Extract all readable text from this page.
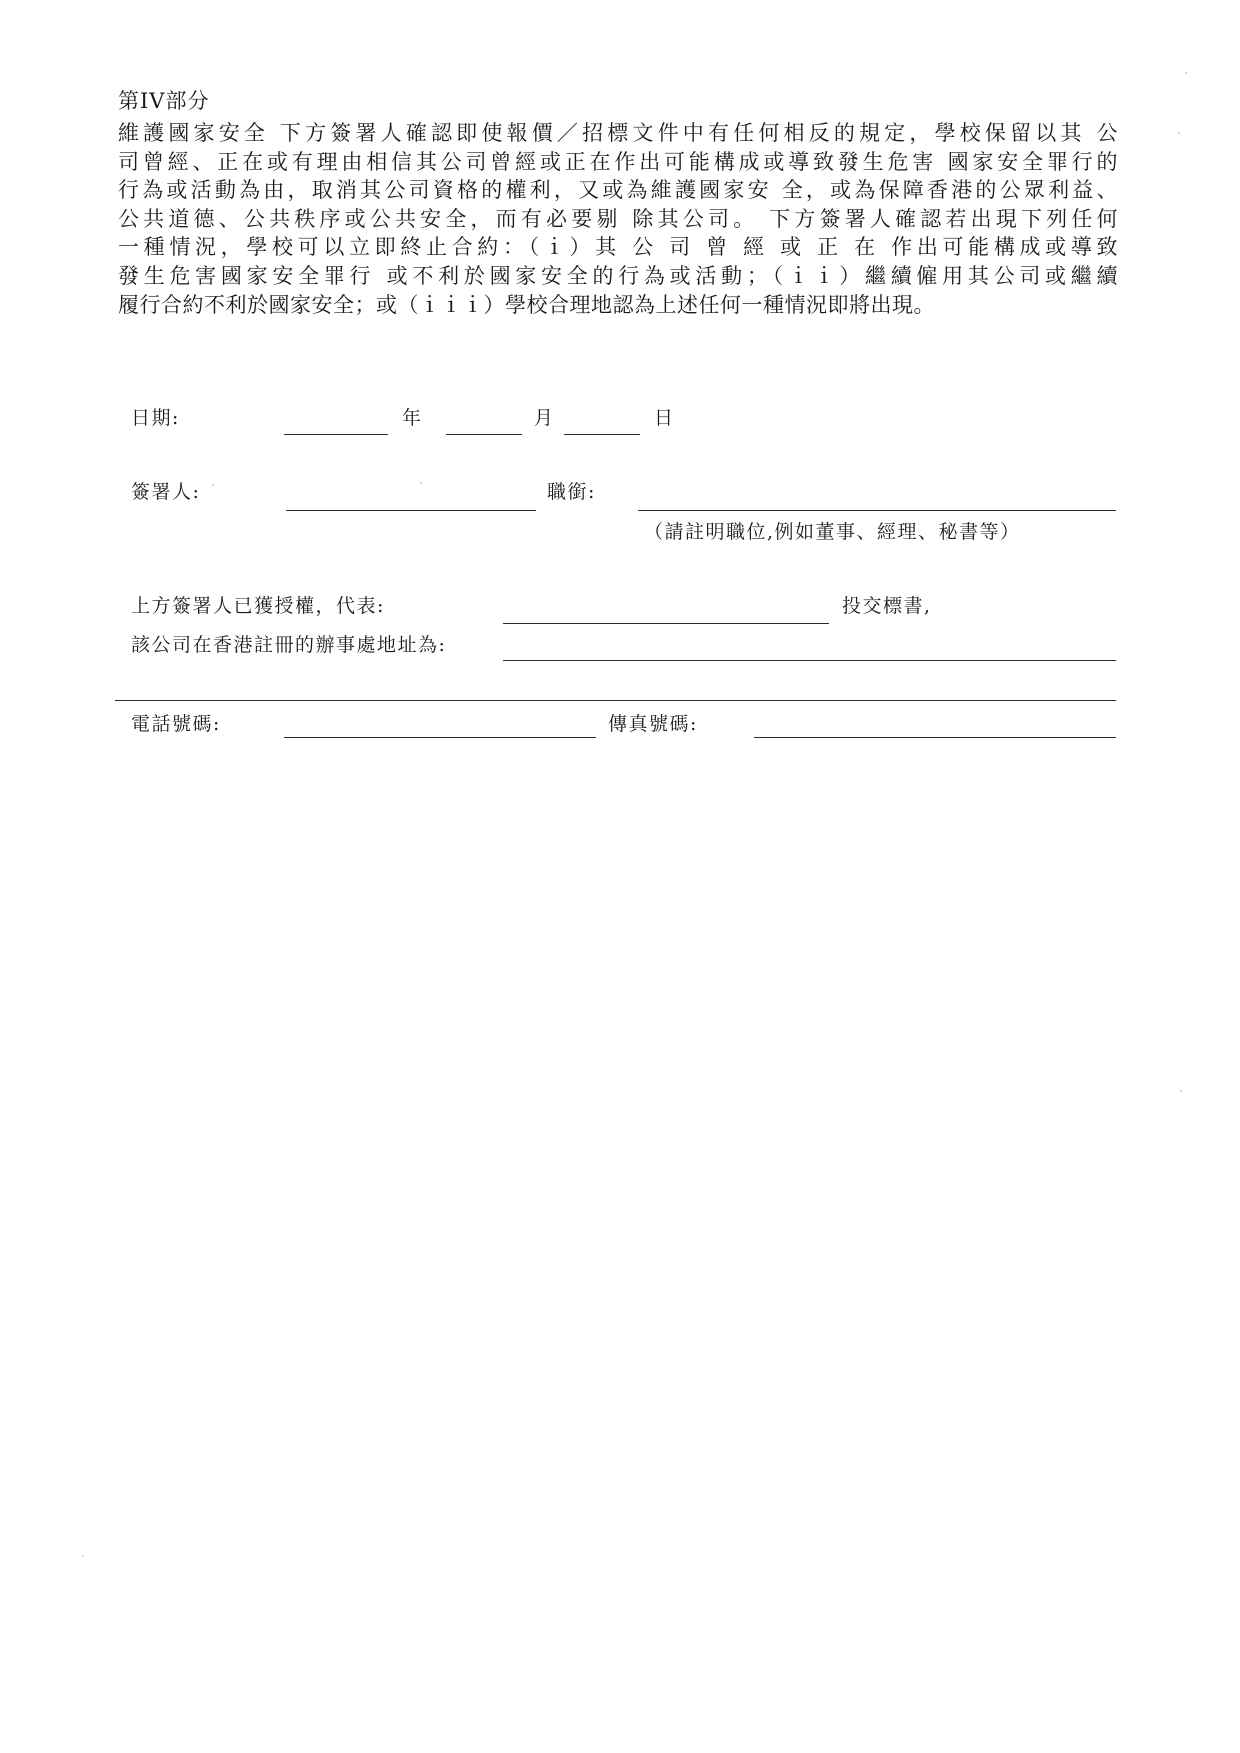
第IV部分
維護國家安全 下方簽署人確認即使報價／招標文件中有任何相反的規定，學校保留以其 公
司曾經、正在或有理由相信其公司曾經或正在作出可能構成或導致發生危害 國家安全罪行的
行為或活動為由，取消其公司資格的權利，又或為維護國家安 全，或為保障香港的公眾利益、
公共道德、公共秩序或公共安全，而有必要剔 除其公司。 下方簽署人確認若出現下列任何
一種情況，學校可以立即終止合約：（ｉ）其 公 司 曾 經 或 正 在 作出可能構成或導致
發生危害國家安全罪行 或不利於國家安全的行為或活動；（ｉｉ）繼續僱用其公司或繼續
履行合約不利於國家安全；或（ｉｉｉ）學校合理地認為上述任何一種情況即將出現。
日期:	年	月	日
簽署人:	職銜:
（請註明職位,例如董事、經理、秘書等）
上方簽署人已獲授權，代表:	投交標書,
該公司在香港註冊的辦事處地址為:
電話號碼:	傳真號碼:
